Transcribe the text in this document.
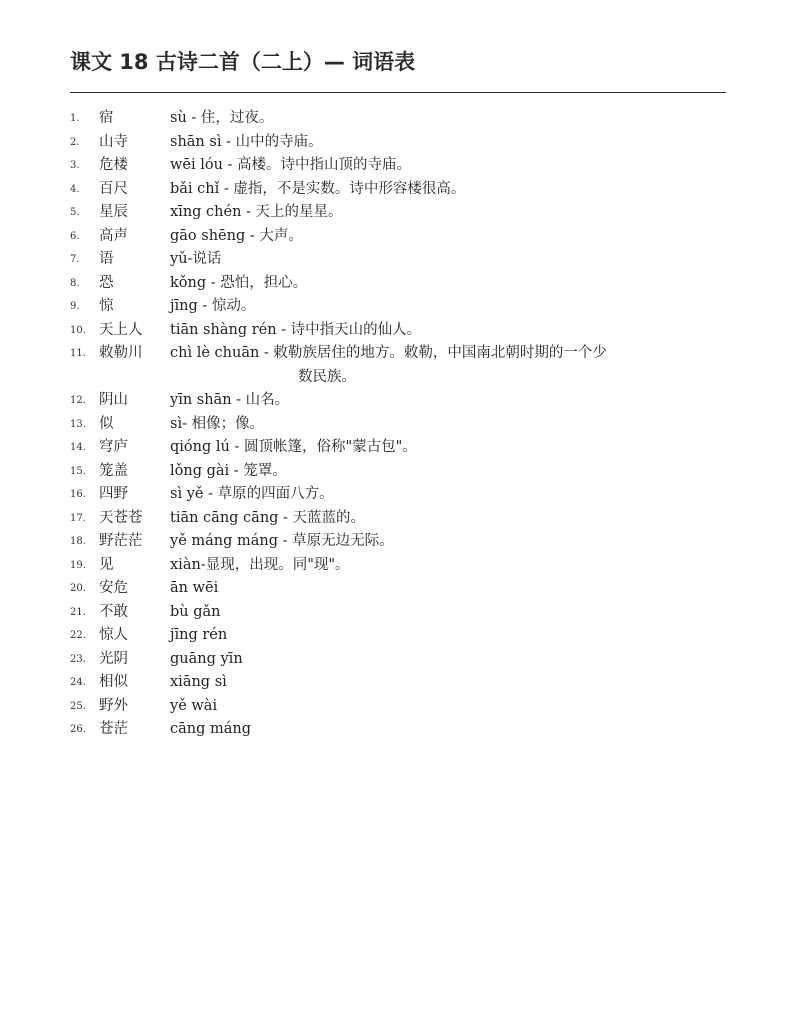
课文 18 古诗二首（二上）— 词语表
1.	宿	sù - 住，过夜。
2.	山寺	shān sì - 山中的寺庙。
3.	危楼	wēi lóu - 高楼。诗中指山顶的寺庙。
4.	百尺	bǎi chǐ - 虚指，不是实数。诗中形容楼很高。
5.	星辰	xīng chén - 天上的星星。
6.	高声	gāo shēng - 大声。
7.	语	yǔ-说话
8.	恐	kǒng - 恐怕，担心。
9.	惊	jīng - 惊动。
10. 天上人	tiān shàng rén - 诗中指天山的仙人。
11. 敕勒川	chì lè chuān - 敕勒族居住的地方。敕勒，中国南北朝时期的一个少
数民族。
12. 阴山	yīn shān - 山名。
13. 似	sì- 相像；像。
14. 穹庐	qióng lú - 圆顶帐篷，俗称"蒙古包"。
15. 笼盖	lǒng gài - 笼罩。
16. 四野	sì yě - 草原的四面八方。
17. 天苍苍	tiān cāng cāng - 天蓝蓝的。
18. 野茫茫	yě máng máng - 草原无边无际。
19. 见	xiàn-显现，出现。同"现"。
20. 安危	ān wēi
21. 不敢	bù gǎn
22. 惊人	jīng rén
23. 光阴	guāng yīn
24. 相似	xiāng sì
25. 野外	yě wài
26. 苍茫	cāng máng
